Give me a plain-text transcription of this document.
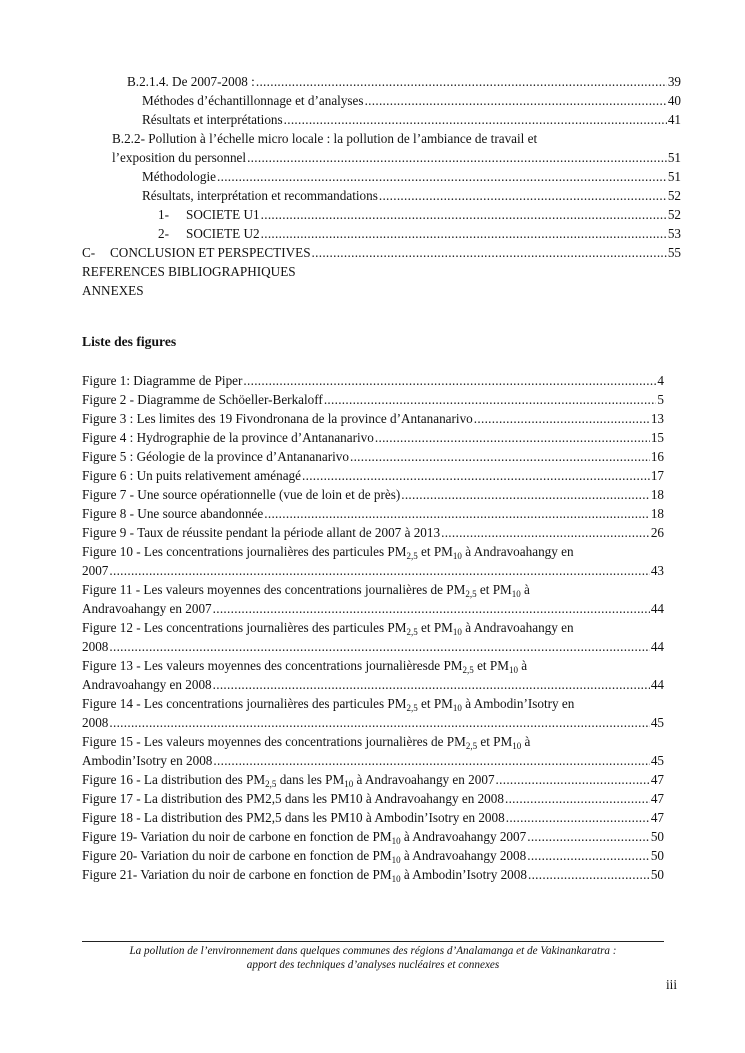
B.2.1.4. De 2007-2008 : .....	39
Méthodes d’échantillonnage et d’analyses .....	40
Résultats et interprétations .....	41
B.2.2- Pollution à l’échelle micro locale : la pollution de l’ambiance de travail et
l’exposition du personnel .....	51
Méthodologie .....	51
Résultats, interprétation et recommandations .....	52
1- SOCIETE U1 .....	52
2- SOCIETE U2 .....	53
C- CONCLUSION ET PERSPECTIVES .....	55
REFERENCES BIBLIOGRAPHIQUES
ANNEXES
Liste des figures
Figure 1: Diagramme de Piper .....	4
Figure 2 - Diagramme de Schöeller-Berkaloff .....	5
Figure 3 : Les limites des 19 Fivondronana de la province d’Antananarivo .....	13
Figure 4 : Hydrographie de la province d’Antananarivo .....	15
Figure 5 : Géologie de la province d’Antananarivo .....	16
Figure 6 : Un puits relativement aménagé .....	17
Figure 7 - Une source opérationnelle (vue de loin et de près) .....	18
Figure 8 - Une source abandonnée .....	18
Figure 9 - Taux de réussite pendant la période allant de 2007 à 2013 .....	26
Figure 10 - Les concentrations journalières des particules $PM_{2,5}$ et $PM_{10}$ à Andravoahangy en
2007 .....	43
Figure 11 - Les valeurs moyennes des concentrations journalières de $PM_{2,5}$ et $PM_{10}$ à
Andravoahangy en 2007 .....	44
Figure 12 - Les concentrations journalières des particules $PM_{2,5}$ et $PM_{10}$ à Andravoahangy en
2008 .....	44
Figure 13 - Les valeurs moyennes des concentrations journalièresde $PM_{2,5}$ et $PM_{10}$ à
Andravoahangy en 2008 .....	44
Figure 14 - Les concentrations journalières des particules $PM_{2,5}$ et $PM_{10}$ à Ambodin’Isotry en
2008 .....	45
Figure 15 - Les valeurs moyennes des concentrations journalières de $PM_{2,5}$ et $PM_{10}$ à
Ambodin’Isotry en 2008 .....	45
Figure 16 - La distribution des $PM_{2,5}$ dans les $PM_{10}$ à Andravoahangy en 2007 .....	47
Figure 17 - La distribution des PM2,5 dans les PM10 à Andravoahangy en 2008 .....	47
Figure 18 - La distribution des PM2,5 dans les PM10 à Ambodin’Isotry en 2008 .....	47
Figure 19- Variation du noir de carbone en fonction de $PM_{10}$ à Andravoahangy 2007 .....	50
Figure 20- Variation du noir de carbone en fonction de $PM_{10}$ à Andravoahangy 2008 .....	50
Figure 21- Variation du noir de carbone en fonction de $PM_{10}$ à Ambodin’Isotry 2008 .....	50
La pollution de l’environnement dans quelques communes des régions d’Analamanga et de Vakinankaratra :
apport des techniques d’analyses nucléaires et connexes
iii
